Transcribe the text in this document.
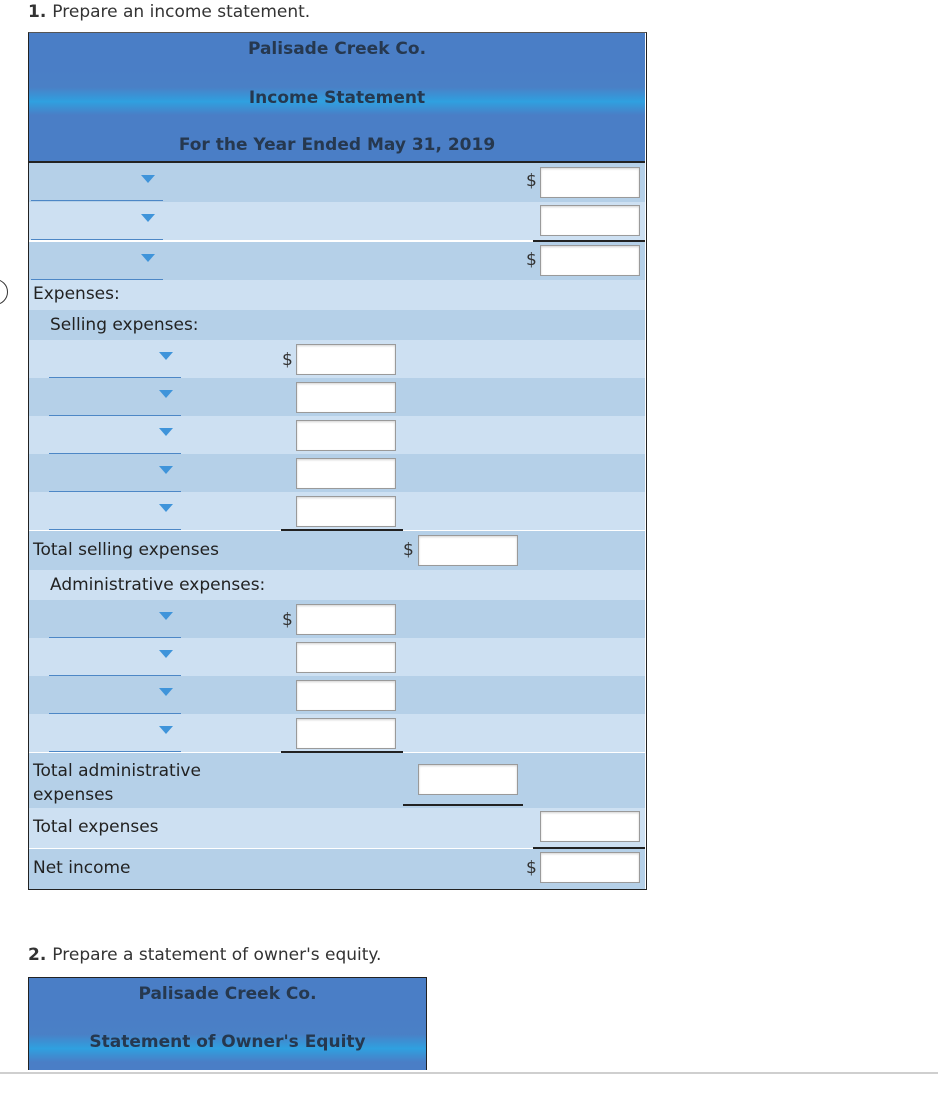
1. Prepare an income statement.
Palisade Creek Co.
Income Statement
For the Year Ended May 31, 2019
$
$
Expenses:
Selling expenses:
$
Total selling expenses	$
Administrative expenses:
$
Total administrative
expenses
Total expenses
Net income	$
2. Prepare a statement of owner's equity.
Palisade Creek Co.
Statement of Owner's Equity
